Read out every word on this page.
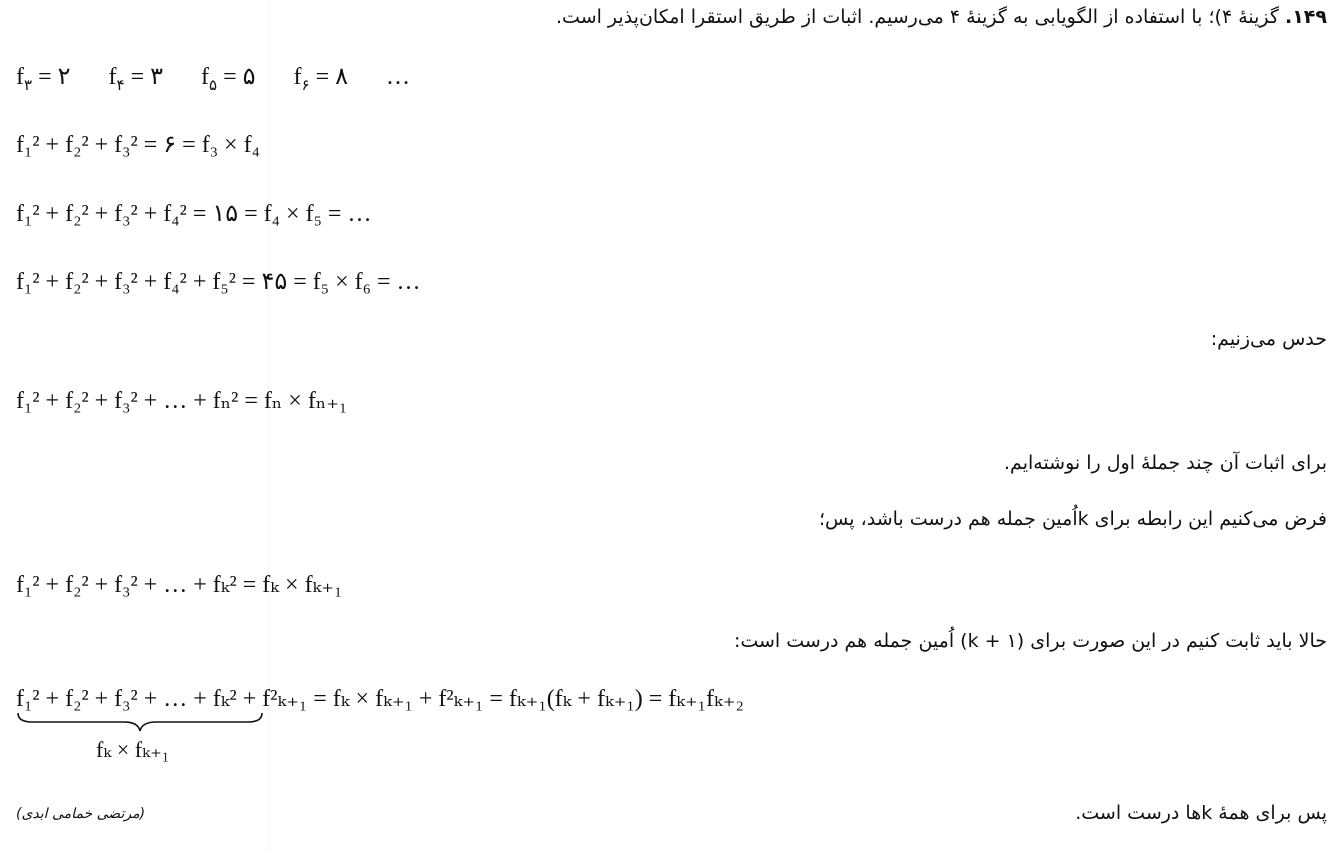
۱۴۹. گزینهٔ ۴)؛ با استفاده از الگویابی به گزینهٔ ۴ می‌رسیم. اثبات از طریق استقرا امکان‌پذیر است.
$f_۳$ = ۲ $f_۴$ = ۳ $f_۵$ = ۵ $f_۶$ = ۸ …
f₁² + f₂² + f₃² = ۶ = f₃ × f₄
f₁² + f₂² + f₃² + f₄² = ۱۵ = f₄ × f₅ = …
f₁² + f₂² + f₃² + f₄² + f₅² = ۴۵ = f₅ × f₆ = …
حدس می‌زنیم:
f₁² + f₂² + f₃² + … + fₙ² = fₙ × fₙ₊₁
برای اثبات آن چند جملهٔ اول را نوشته‌ایم.
فرض می‌کنیم این رابطه برای kاُمین جمله هم درست باشد، پس؛
f₁² + f₂² + f₃² + … + fₖ² = fₖ × fₖ₊₁
حالا باید ثابت کنیم در این صورت برای (k + ۱) اُمین جمله هم درست است:
f₁² + f₂² + f₃² + … + fₖ² + f²ₖ₊₁ = fₖ × fₖ₊₁ + f²ₖ₊₁ = fₖ₊₁(fₖ + fₖ₊₁) = fₖ₊₁fₖ₊₂
fₖ × fₖ₊₁
پس برای همهٔ kها درست است.
(مرتضی خمامی ابدی)
